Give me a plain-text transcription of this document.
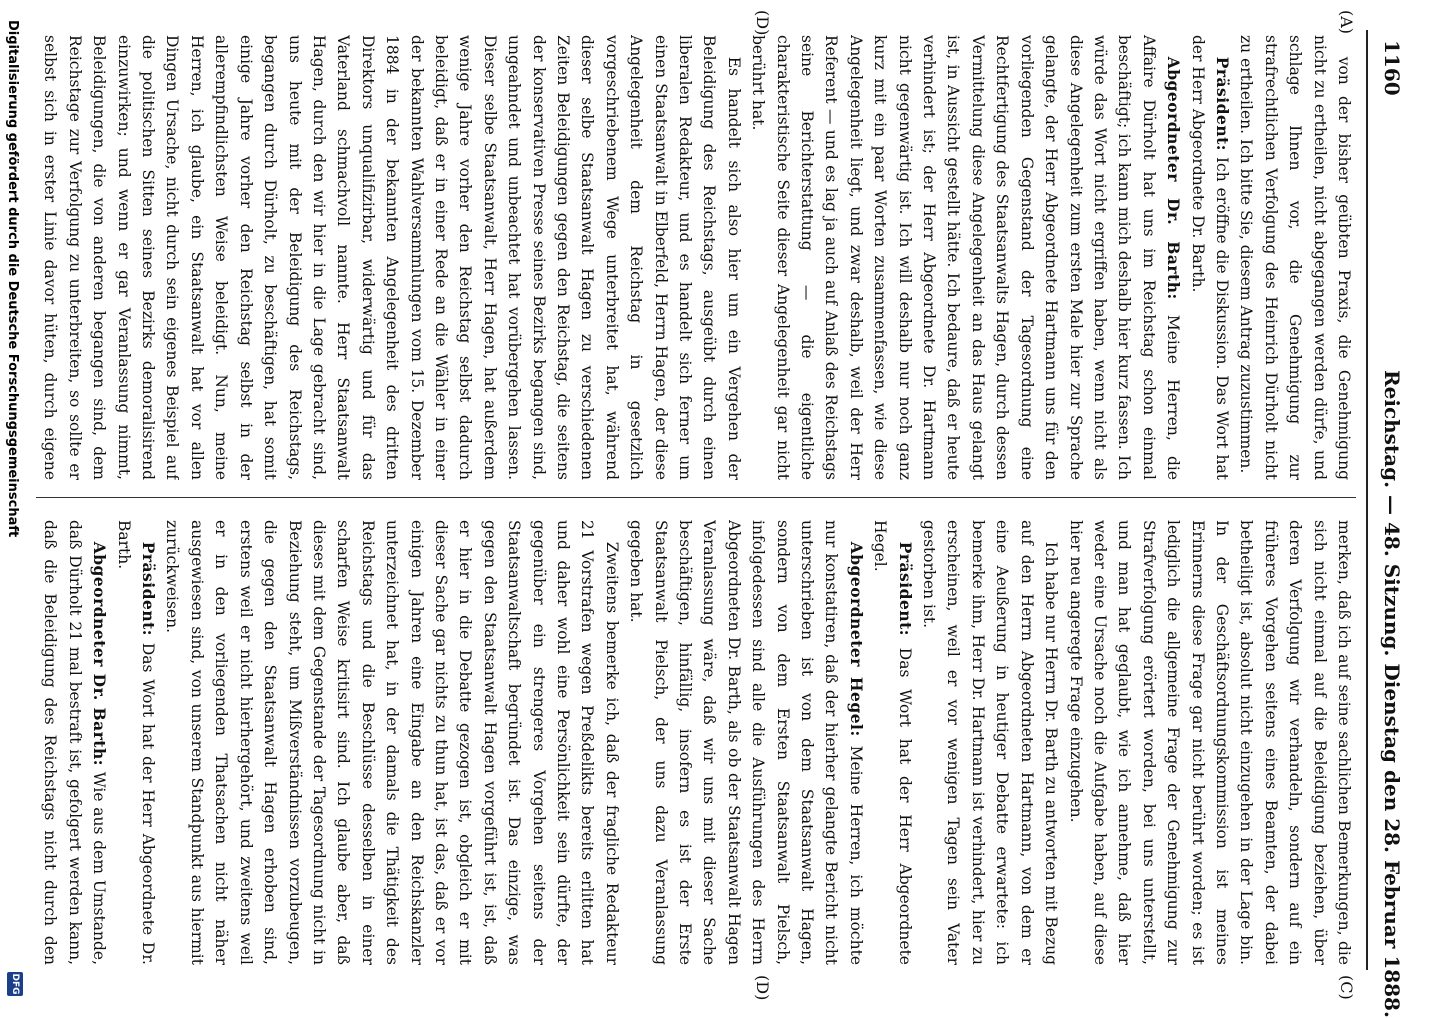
1160
Reichstag. — 48. Sitzung. Dienstag den 28. Februar 1888.
(A)
(C)
(D)
(D)

von der bisher geübten Praxis, die Genehmigung nicht zu ertheilen, nicht abgegangen werden dürfe, und schlage Ihnen vor, die Genehmigung zur strafrechtlichen Verfolgung des Heinrich Dürholt nicht zu ertheilen. Ich bitte Sie, diesem Antrag zuzustimmen.

Präsident: Ich eröffne die Diskussion. Das Wort hat der Herr Abgeordnete Dr. Barth.

Abgeordneter Dr. Barth: Meine Herren, die Affaire Dürholt hat uns im Reichstag schon einmal beschäftigt; ich kann mich deshalb hier kurz fassen. Ich würde das Wort nicht ergriffen haben, wenn nicht als diese Angelegenheit zum ersten Male hier zur Sprache gelangte, der Herr Abgeordnete Hartmann uns für den vorliegenden Gegenstand der Tagesordnung eine Rechtfertigung des Staatsanwalts Hagen, durch dessen Vermittelung diese Angelegenheit an das Haus gelangt ist, in Aussicht gestellt hätte. Ich bedaure, daß er heute verhindert ist; der Herr Abgeordnete Dr. Hartmann nicht gegenwärtig ist. Ich will deshalb nur noch ganz kurz mit ein paar Worten zusammenfassen, wie diese Angelegenheit liegt, und zwar deshalb, weil der Herr Referent — und es lag ja auch auf Anlaß des Reichstags seine Berichterstattung — die eigentliche charakteristische Seite dieser Angelegenheit gar nicht berührt hat.

Es handelt sich also hier um ein Vergehen der Beleidigung des Reichstags, ausgeübt durch einen liberalen Redakteur, und es handelt sich ferner um einen Staatsanwalt in Elberfeld, Herrn Hagen, der diese Angelegenheit dem Reichstag in gesetzlich vorgeschriebenem Wege unterbreitet hat, während dieser selbe Staatsanwalt Hagen zu verschiedenen Zeiten Beleidigungen gegen den Reichstag, die seitens der konservativen Presse seines Bezirks begangen sind, ungeahndet und unbeachtet hat vorübergehen lassen. Dieser selbe Staatsanwalt, Herr Hagen, hat außerdem wenige Jahre vorher den Reichstag selbst dadurch beleidigt, daß er in einer Rede an die Wähler in einer der bekannten Wahlversammlungen vom 15. Dezember 1884 in der bekannten Angelegenheit des dritten Direktors unqualifizirbar, widerwärtig und für das Vaterland schmachvoll nannte. Herr Staatsanwalt Hagen, durch den wir hier in die Lage gebracht sind, uns heute mit der Beleidigung des Reichstags, begangen durch Dürholt, zu beschäftigen, hat somit einige Jahre vorher den Reichstag selbst in der allerempfindlichsten Weise beleidigt. Nun, meine Herren, ich glaube, ein Staatsanwalt hat vor allen Dingen Ursache, nicht durch sein eigenes Beispiel auf die politischen Sitten seines Bezirks demoralisirend einzuwirken; und wenn er gar Veranlassung nimmt, Beleidigungen, die von anderen begangen sind, dem Reichstage zur Verfolgung zu unterbreiten, so sollte er selbst sich in erster Linie davor hüten, durch eigene

merken, daß ich auf seine sachlichen Bemerkungen, die sich nicht einmal auf die Beleidigung beziehen, über deren Verfolgung wir verhandeln, sondern auf ein früheres Vorgehen seitens eines Beamten, der dabei betheiligt ist, absolut nicht einzugehen in der Lage bin. In der Geschäftsordnungskommission ist meines Erinnerns diese Frage gar nicht berührt worden; es ist lediglich die allgemeine Frage der Genehmigung zur Strafverfolgung erörtert worden, bei uns unterstellt, und man hat geglaubt, wie ich annehme, daß hier weder eine Ursache noch die Aufgabe haben, auf diese hier neu angeregte Frage einzugehen.

Ich habe nur Herrn Dr. Barth zu antworten mit Bezug auf den Herrn Abgeordneten Hartmann, von dem er eine Aeußerung in heutiger Debatte erwartete: ich bemerke ihm, Herr Dr. Hartmann ist verhindert, hier zu erscheinen, weil er vor wenigen Tagen sein Vater gestorben ist.

Präsident: Das Wort hat der Herr Abgeordnete Hegel.

Abgeordneter Hegel: Meine Herren, ich möchte nur konstatiren, daß der hierher gelangte Bericht nicht unterschrieben ist von dem Staatsanwalt Hagen, sondern von dem Ersten Staatsanwalt Pielsch, infolgedessen sind alle die Ausführungen des Herrn Abgeordneten Dr. Barth, als ob der Staatsanwalt Hagen Veranlassung wäre, daß wir uns mit dieser Sache beschäftigen, hinfällig, insofern es ist der Erste Staatsanwalt Pielsch, der uns dazu Veranlassung gegeben hat.

Zweitens bemerke ich, daß der fragliche Redakteur 21 Vorstrafen wegen Preßdelikts bereits erlitten hat und daher wohl eine Persönlichkeit sein dürfte, der gegenüber ein strengeres Vorgehen seitens der Staatsanwaltschaft begründet ist. Das einzige, was gegen den Staatsanwalt Hagen vorgeführt ist, ist, daß er hier in die Debatte gezogen ist, obgleich er mit dieser Sache gar nichts zu thun hat, ist das, daß er vor einigen Jahren eine Eingabe an den Reichskanzler unterzeichnet hat, in der damals die Thätigkeit des Reichstags und die Beschlüsse desselben in einer scharfen Weise kritisirt sind. Ich glaube aber, daß dieses mit dem Gegenstande der Tagesordnung nicht in Beziehung steht, um Mißverständnissen vorzubeugen, die gegen den Staatsanwalt Hagen erhoben sind, erstens weil er nicht hierhergehört, und zweitens weil er in den vorliegenden Thatsachen nicht näher ausgewiesen sind, von unserem Standpunkt aus hiermit zurückweisen.

Präsident: Das Wort hat der Herr Abgeordnete Dr. Barth.

Abgeordneter Dr. Barth: Wie aus dem Umstande, daß Dürholt 21 mal bestraft ist, gefolgert werden kann, daß die Beleidigung des Reichstags nicht durch den

Digitalisierung gefördert durch die Deutsche Forschungsgemeinschaft
DFG
